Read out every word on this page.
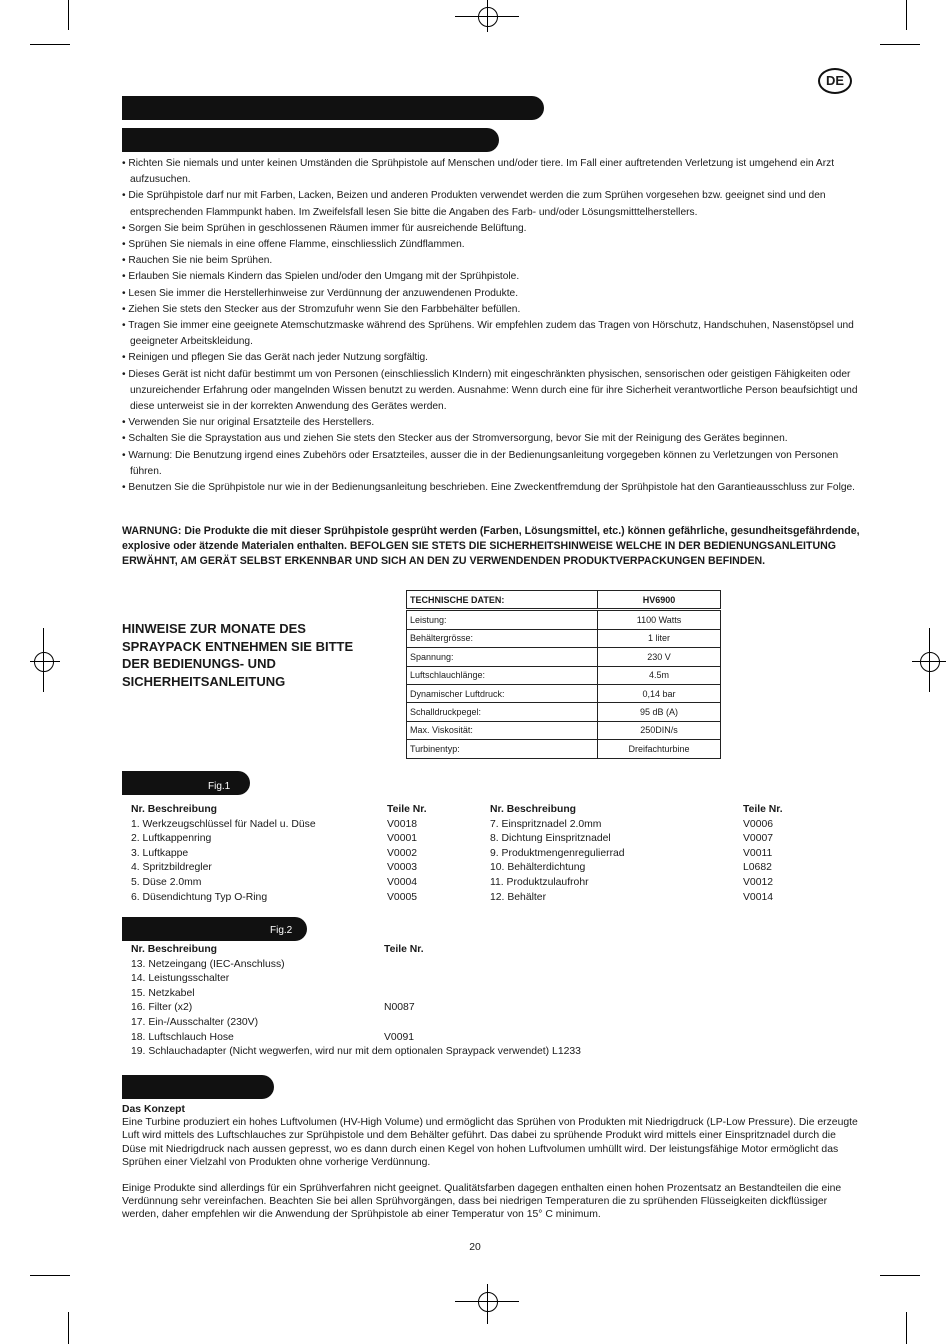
DE
• Richten Sie niemals und unter keinen Umständen die Sprühpistole auf Menschen und/oder tiere. Im Fall einer auftretenden Verletzung ist umgehend ein Arzt aufzusuchen.
• Die Sprühpistole darf nur mit Farben, Lacken, Beizen und anderen Produkten verwendet werden die zum Sprühen vorgesehen bzw. geeignet sind und den entsprechenden Flammpunkt haben. Im Zweifelsfall lesen Sie bitte die Angaben des Farb- und/oder Lösungsmitttelherstellers.
• Sorgen Sie beim Sprühen in geschlossenen Räumen immer für ausreichende Belüftung.
• Sprühen Sie niemals in eine offene Flamme, einschliesslich Zündflammen.
• Rauchen Sie nie beim Sprühen.
• Erlauben Sie niemals Kindern das Spielen und/oder den Umgang mit der Sprühpistole.
• Lesen Sie immer die Herstellerhinweise zur Verdünnung der anzuwendenen Produkte.
• Ziehen Sie stets den Stecker aus der Stromzufuhr wenn Sie den Farbbehälter befüllen.
• Tragen Sie immer eine geeignete Atemschutzmaske während des Sprühens. Wir empfehlen zudem das Tragen von Hörschutz, Handschuhen, Nasenstöpsel und geeigneter Arbeitskleidung.
• Reinigen und pflegen Sie das Gerät nach jeder Nutzung sorgfältig.
• Dieses Gerät ist nicht dafür bestimmt um von Personen (einschliesslich KIndern) mit eingeschränkten physischen, sensorischen oder geistigen Fähigkeiten oder unzureichender Erfahrung oder mangelnden Wissen benutzt zu werden. Ausnahme: Wenn durch eine für ihre Sicherheit verantwortliche Person beaufsichtigt und diese unterweist sie in der korrekten Anwendung des Gerätes werden.
• Verwenden Sie nur original Ersatzteile des Herstellers.
• Schalten Sie die Spraystation aus und ziehen Sie stets den Stecker aus der Stromversorgung, bevor Sie mit der Reinigung des Gerätes beginnen.
• Warnung: Die Benutzung irgend eines Zubehörs oder Ersatzteiles, ausser die in der Bedienungsanleitung vorgegeben können zu Verletzungen von Personen führen.
• Benutzen Sie die Sprühpistole nur wie in der Bedienungsanleitung beschrieben. Eine Zweckentfremdung der Sprühpistole hat den Garantieausschluss zur Folge.
WARNUNG: Die Produkte die mit dieser Sprühpistole gesprüht werden (Farben, Lösungsmittel, etc.) können gefährliche, gesundheitsgefährdende, explosive oder ätzende Materialen enthalten. BEFOLGEN SIE STETS DIE SICHERHEITSHINWEISE WELCHE IN DER BEDIENUNGSANLEITUNG ERWÄHNT, AM GERÄT SELBST ERKENNBAR UND SICH AN DEN ZU VERWENDENDEN PRODUKTVERPACKUNGEN BEFINDEN.
HINWEISE ZUR MONATE DES SPRAYPACK ENTNEHMEN SIE BITTE DER BEDIENUNGS- UND SICHERHEITSANLEITUNG
TECHNISCHE DATEN:	HV6900
Leistung:	1100 Watts
Behältergrösse:	1 liter
Spannung:	230 V
Luftschlauchlänge:	4.5m
Dynamischer Luftdruck:	0,14 bar
Schalldruckpegel:	95 dB (A)
Max. Viskosität:	250DIN/s
Turbinentyp:	Dreifachturbine
Fig.1
Nr. Beschreibung	Teile Nr.
1. Werkzeugschlüssel für Nadel u. Düse	V0018
2. Luftkappenring	V0001
3. Luftkappe	V0002
4. Spritzbildregler	V0003
5. Düse 2.0mm	V0004
6. Düsendichtung Typ O-Ring	V0005
Nr. Beschreibung	Teile Nr.
7. Einspritznadel 2.0mm	V0006
8. Dichtung Einspritznadel	V0007
9. Produktmengenregulierrad	V0011
10. Behälterdichtung	L0682
11. Produktzulaufrohr	V0012
12. Behälter	V0014
Fig.2
Nr. Beschreibung	Teile Nr.
13. Netzeingang (IEC-Anschluss)
14. Leistungsschalter
15. Netzkabel
16. Filter (x2)	N0087
17. Ein-/Ausschalter (230V)
18. Luftschlauch Hose	V0091
19. Schlauchadapter (Nicht wegwerfen, wird nur mit dem optionalen Spraypack verwendet) L1233
Das Konzept
Eine Turbine produziert ein hohes Luftvolumen (HV-High Volume) und ermöglicht das Sprühen von Produkten mit Niedrigdruck (LP-Low Pressure). Die erzeugte Luft wird mittels des Luftschlauches zur Sprühpistole und dem Behälter geführt. Das dabei zu sprühende Produkt wird mittels einer Einspritznadel durch die Düse mit Niedrigdruck nach aussen gepresst, wo es dann durch einen Kegel von hohen Luftvolumen umhüllt wird. Der leistungsfähige Motor ermöglicht das Sprühen einer Vielzahl von Produkten ohne vorherige Verdünnung.
Einige Produkte sind allerdings für ein Sprühverfahren nicht geeignet. Qualitätsfarben dagegen enthalten einen hohen Prozentsatz an Bestandteilen die eine Verdünnung sehr vereinfachen. Beachten Sie bei allen Sprühvorgängen, dass bei niedrigen Temperaturen die zu sprühenden Flüsseigkeiten dickflüssiger werden, daher empfehlen wir die Anwendung der Sprühpistole ab einer Temperatur von 15° C minimum.
20
